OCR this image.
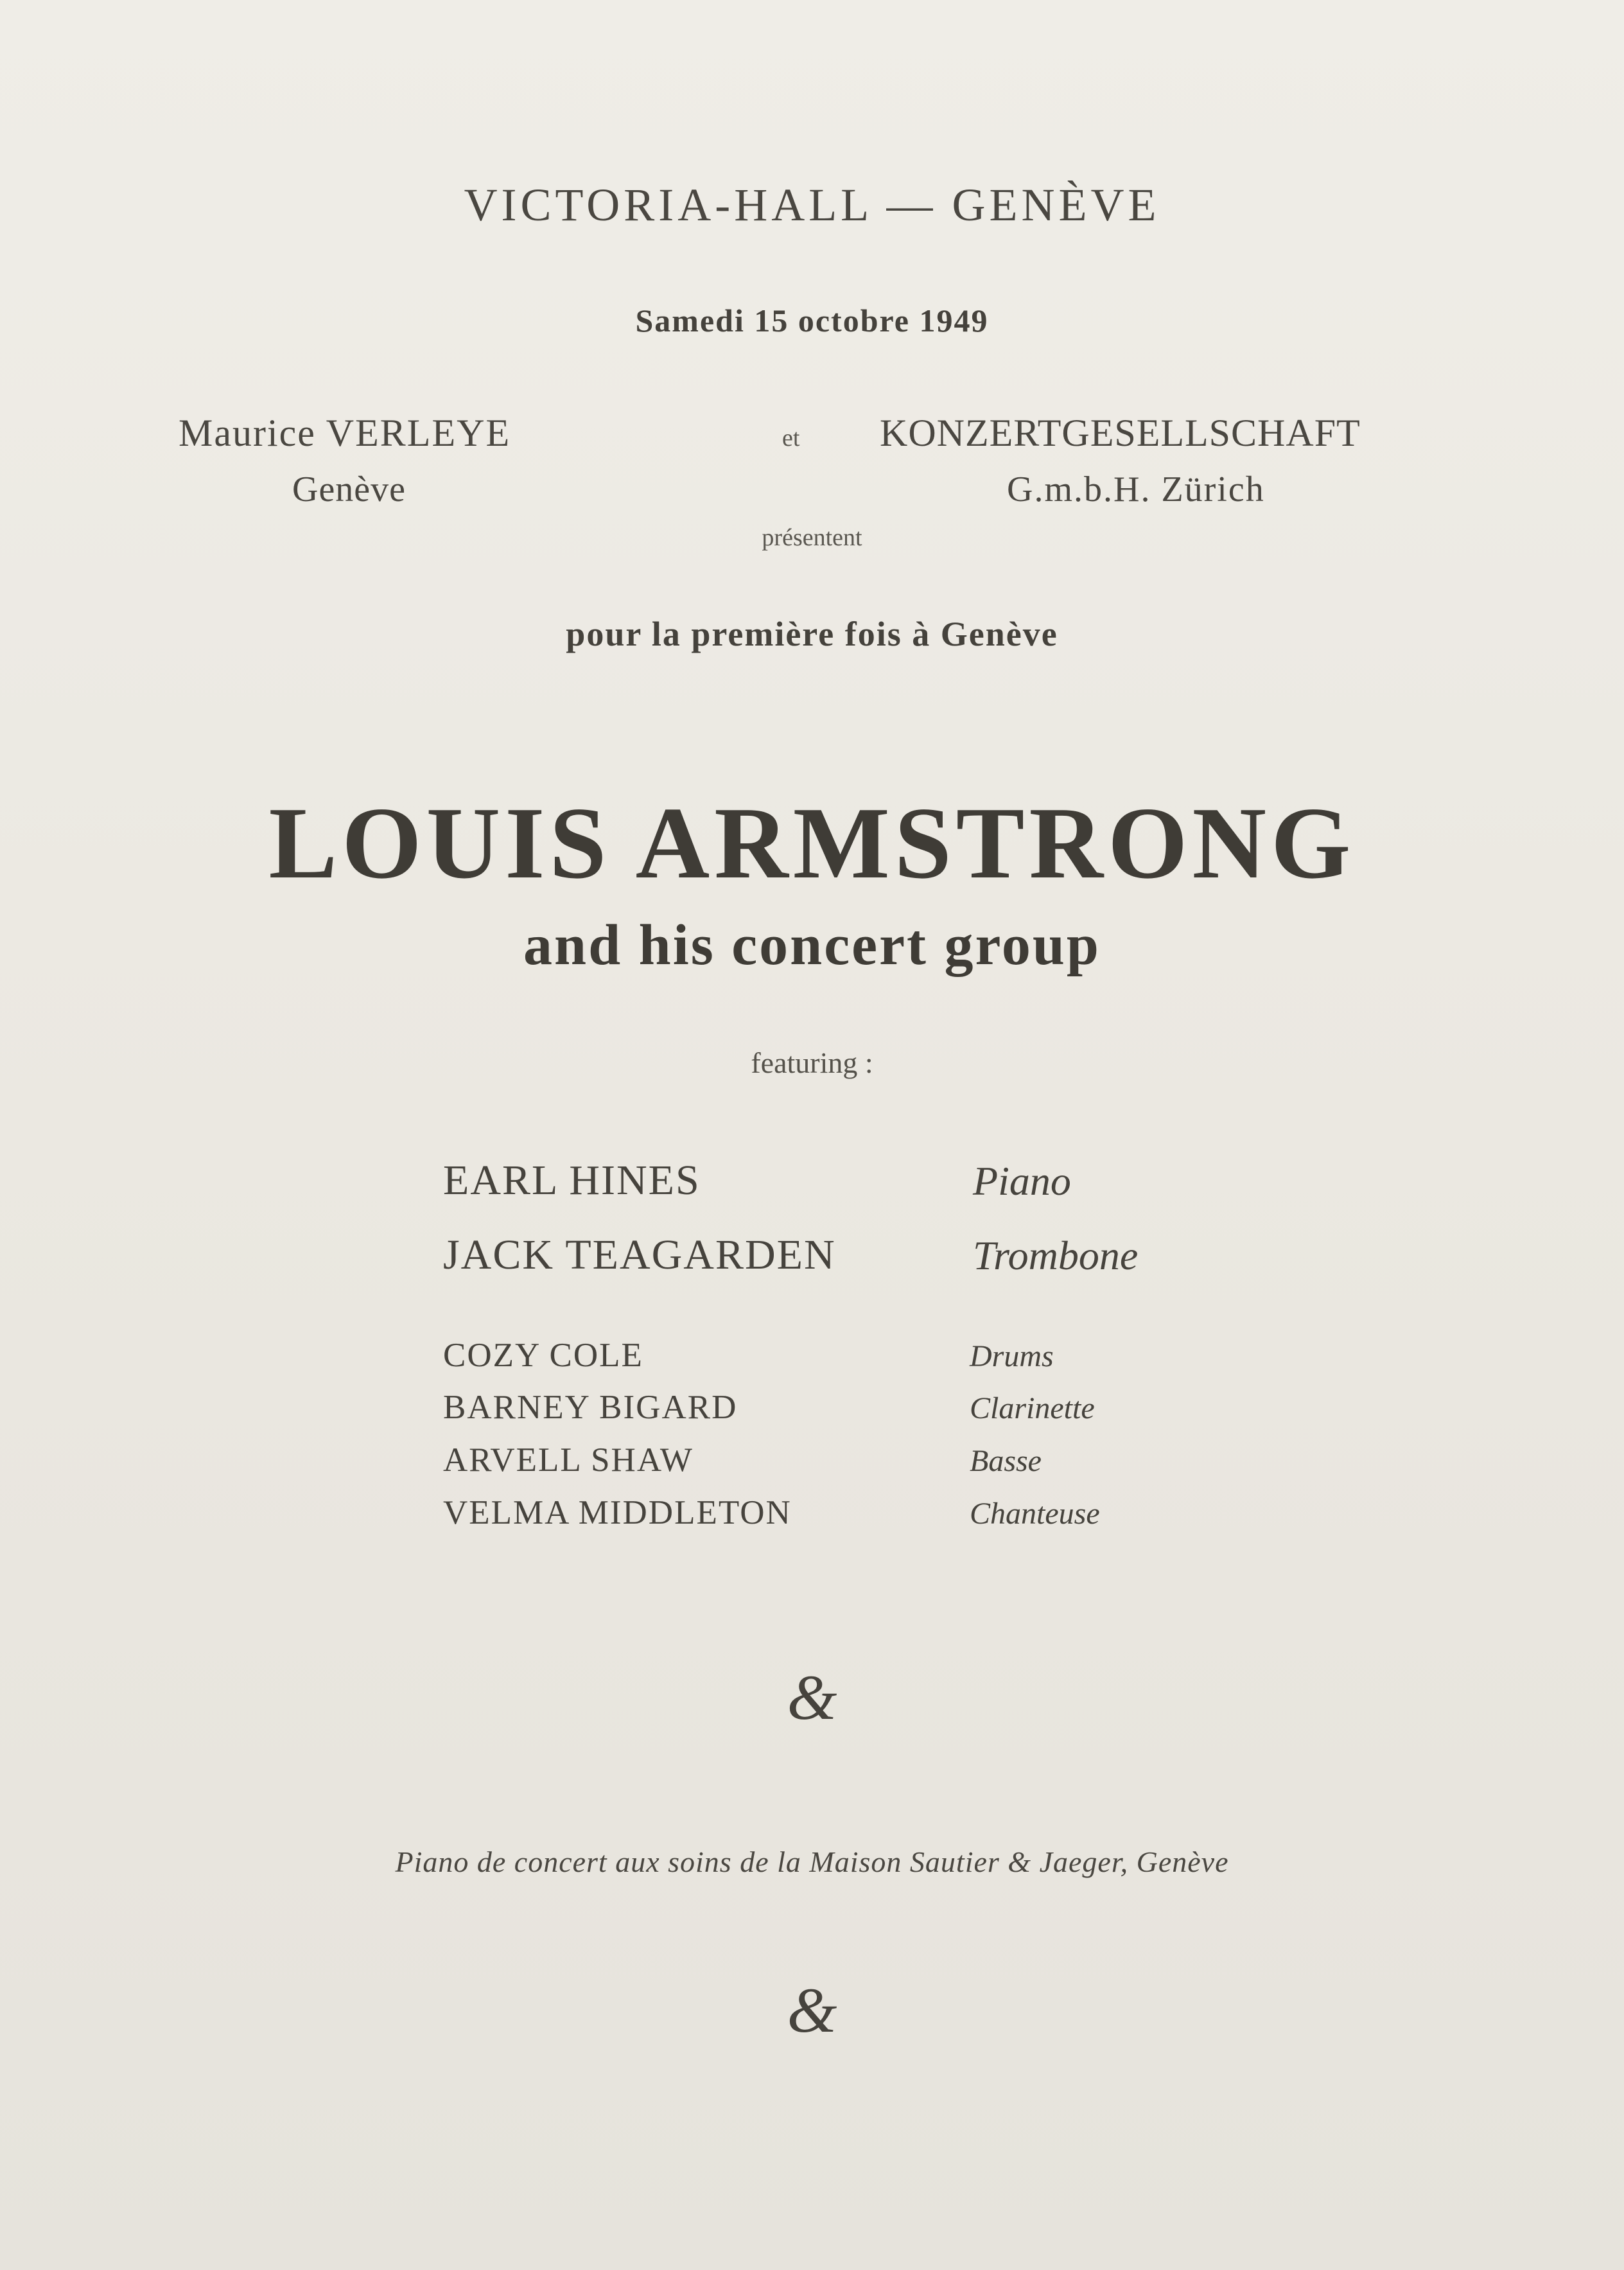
VICTORIA-HALL — GENÈVE
Samedi 15 octobre 1949
Maurice VERLEYE
Genève
et KONZERTGESELLSCHAFT
G.m.b.H. Zürich
présentent
pour la première fois à Genève
LOUIS ARMSTRONG
and his concert group
featuring :
EARL HINES	Piano
JACK TEAGARDEN	Trombone
COZY COLE	Drums
BARNEY BIGARD	Clarinette
ARVELL SHAW	Basse
VELMA MIDDLETON	Chanteuse
&
Piano de concert aux soins de la Maison Sautier & Jaeger, Genève
&
